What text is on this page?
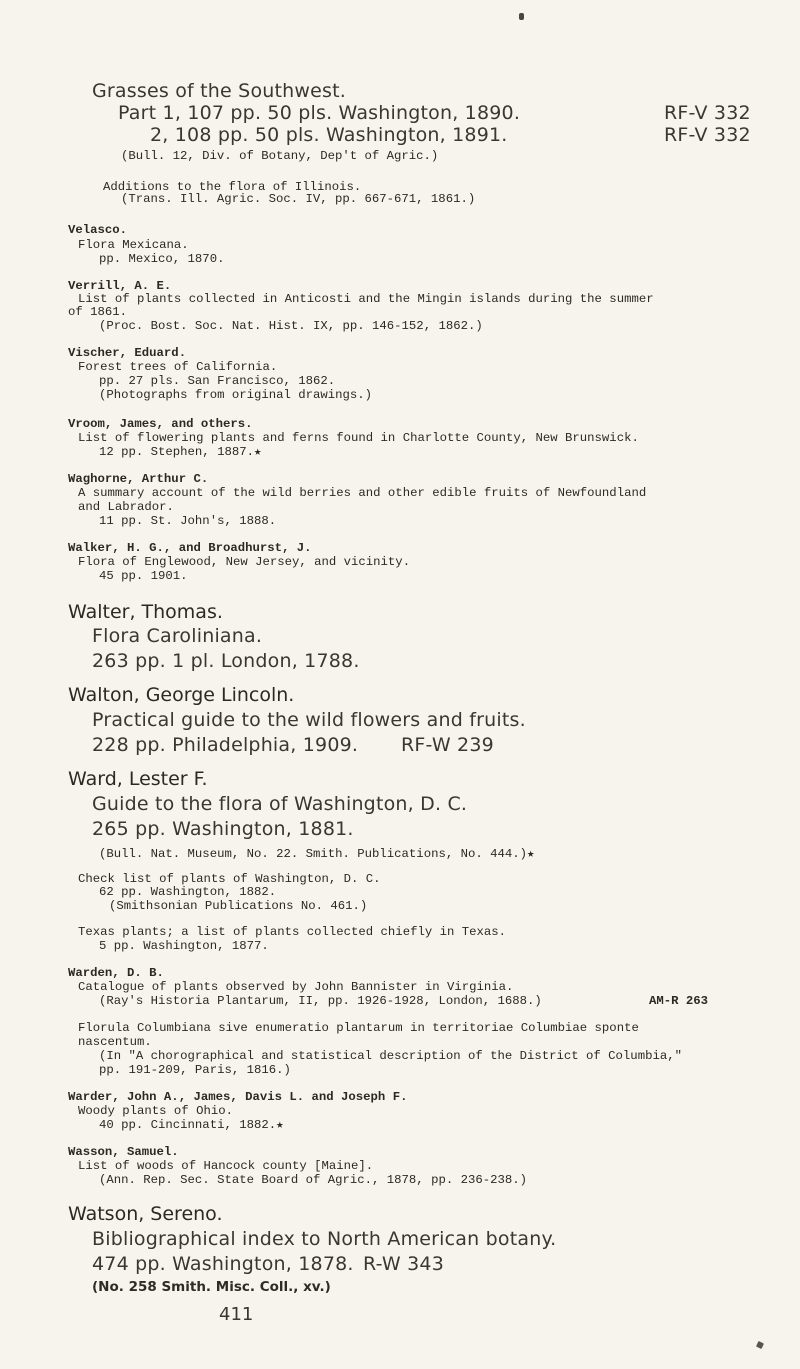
Grasses of the Southwest.
Part 1, 107 pp. 50 pls. Washington, 1890.	RF-V 332
2, 108 pp. 50 pls. Washington, 1891.	RF-V 332
(Bull. 12, Div. of Botany, Dep't of Agric.)
Additions to the flora of Illinois.
(Trans. Ill. Agric. Soc. IV, pp. 667-671, 1861.)
Velasco.
Flora Mexicana.
pp. Mexico, 1870.
Verrill, A. E.
List of plants collected in Anticosti and the Mingin islands during the summer
of 1861.
(Proc. Bost. Soc. Nat. Hist. IX, pp. 146-152, 1862.)
Vischer, Eduard.
Forest trees of California.
pp. 27 pls. San Francisco, 1862.
(Photographs from original drawings.)
Vroom, James, and others.
List of flowering plants and ferns found in Charlotte County, New Brunswick.
12 pp. Stephen, 1887.★
Waghorne, Arthur C.
A summary account of the wild berries and other edible fruits of Newfoundland
and Labrador.
11 pp. St. John's, 1888.
Walker, H. G., and Broadhurst, J.
Flora of Englewood, New Jersey, and vicinity.
45 pp. 1901.
Walter, Thomas.
Flora Caroliniana.
263 pp. 1 pl. London, 1788.
Walton, George Lincoln.
Practical guide to the wild flowers and fruits.
228 pp. Philadelphia, 1909. RF-W 239
Ward, Lester F.
Guide to the flora of Washington, D. C.
265 pp. Washington, 1881.
(Bull. Nat. Museum, No. 22. Smith. Publications, No. 444.)★
Check list of plants of Washington, D. C.
62 pp. Washington, 1882.
(Smithsonian Publications No. 461.)
Texas plants; a list of plants collected chiefly in Texas.
5 pp. Washington, 1877.
Warden, D. B.
Catalogue of plants observed by John Bannister in Virginia.
(Ray's Historia Plantarum, II, pp. 1926-1928, London, 1688.)	AM-R 263
Florula Columbiana sive enumeratio plantarum in territoriae Columbiae sponte
nascentum.
(In "A chorographical and statistical description of the District of Columbia,"
pp. 191-209, Paris, 1816.)
Warder, John A., James, Davis L. and Joseph F.
Woody plants of Ohio.
40 pp. Cincinnati, 1882.★
Wasson, Samuel.
List of woods of Hancock county [Maine].
(Ann. Rep. Sec. State Board of Agric., 1878, pp. 236-238.)
Watson, Sereno.
Bibliographical index to North American botany.
474 pp. Washington, 1878. R-W 343
(No. 258 Smith. Misc. Coll., xv.)
411
